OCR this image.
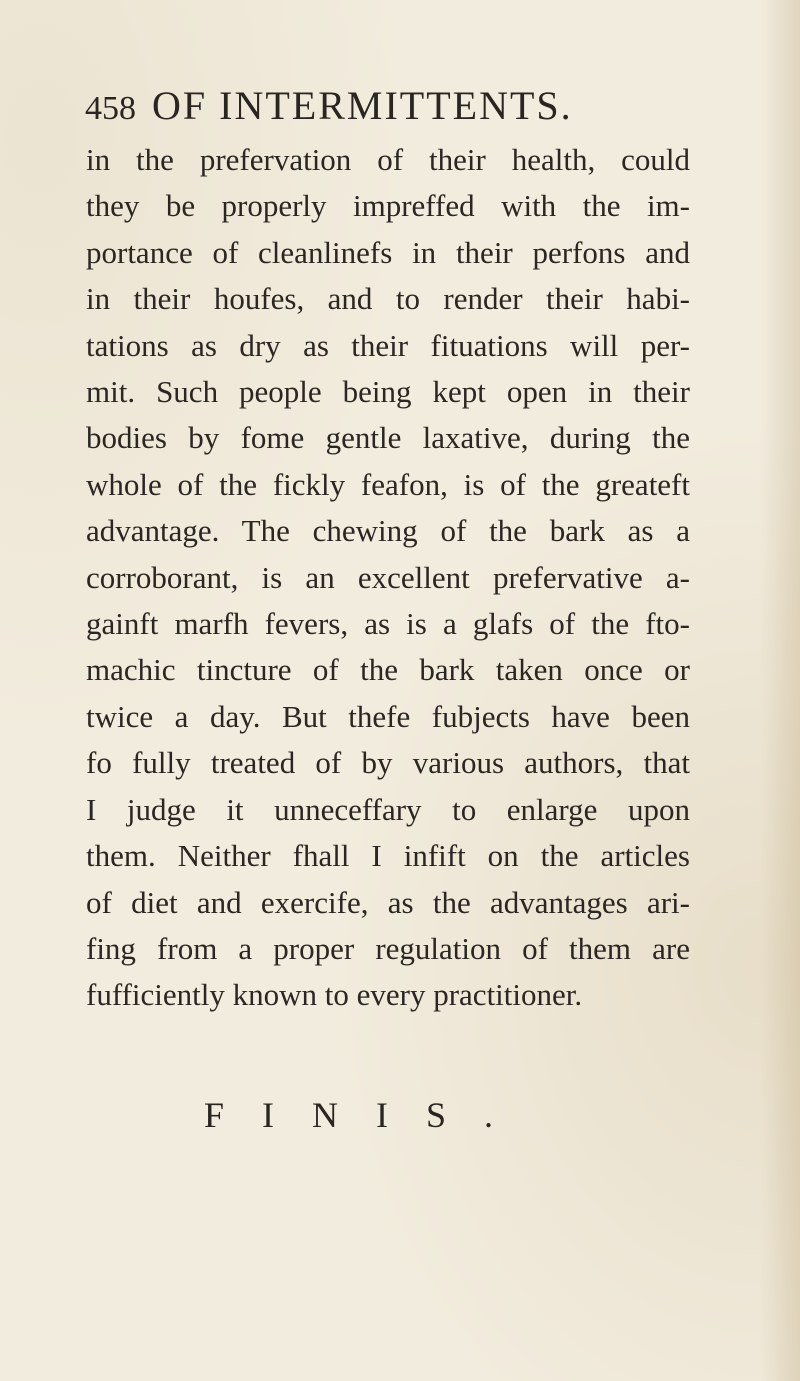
458 OF INTERMITTENTS.
in the prefervation of their health, could
they be properly impreffed with the im-
portance of cleanlinefs in their perfons and
in their houfes, and to render their habi-
tations as dry as their fituations will per-
mit. Such people being kept open in their
bodies by fome gentle laxative, during the
whole of the fickly feafon, is of the greateft
advantage. The chewing of the bark as a
corroborant, is an excellent prefervative a-
gainft marfh fevers, as is a glafs of the fto-
machic tincture of the bark taken once or
twice a day. But thefe fubjects have been
fo fully treated of by various authors, that
I judge it unneceffary to enlarge upon
them. Neither fhall I infift on the articles
of diet and exercife, as the advantages ari-
fing from a proper regulation of them are
fufficiently known to every practitioner.
FINIS.
